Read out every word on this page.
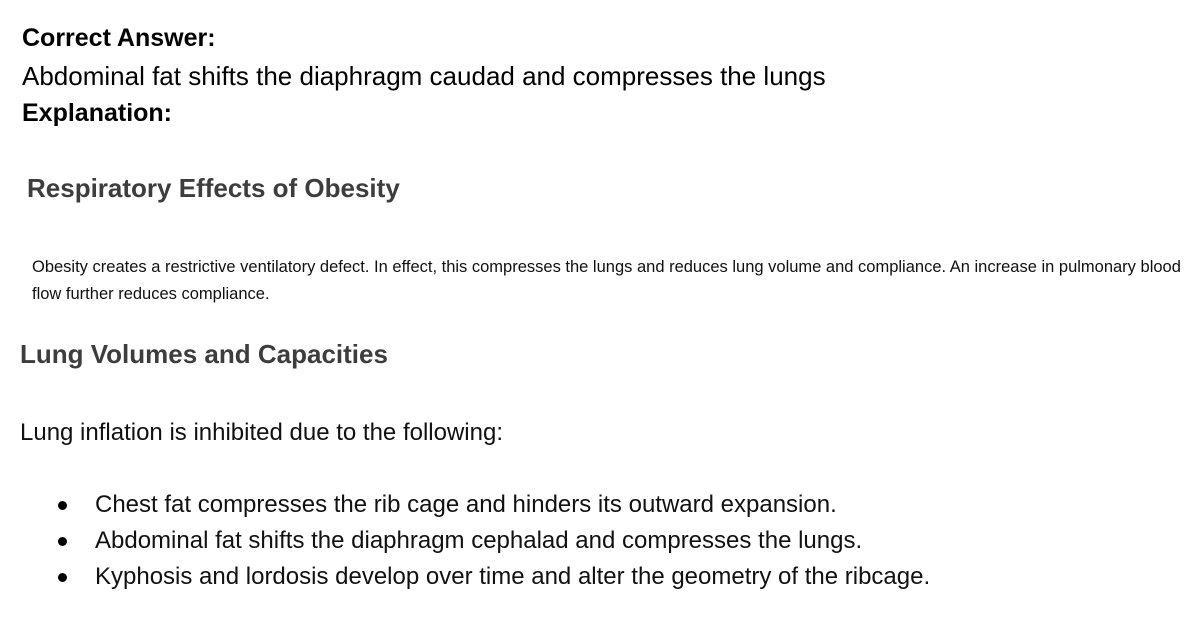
Correct Answer:
Abdominal fat shifts the diaphragm caudad and compresses the lungs
Explanation:
Respiratory Effects of Obesity
Obesity creates a restrictive ventilatory defect. In effect, this compresses the lungs and reduces lung volume and compliance. An increase in pulmonary blood flow further reduces compliance.
Lung Volumes and Capacities
Lung inflation is inhibited due to the following:
Chest fat compresses the rib cage and hinders its outward expansion.
Abdominal fat shifts the diaphragm cephalad and compresses the lungs.
Kyphosis and lordosis develop over time and alter the geometry of the ribcage.
